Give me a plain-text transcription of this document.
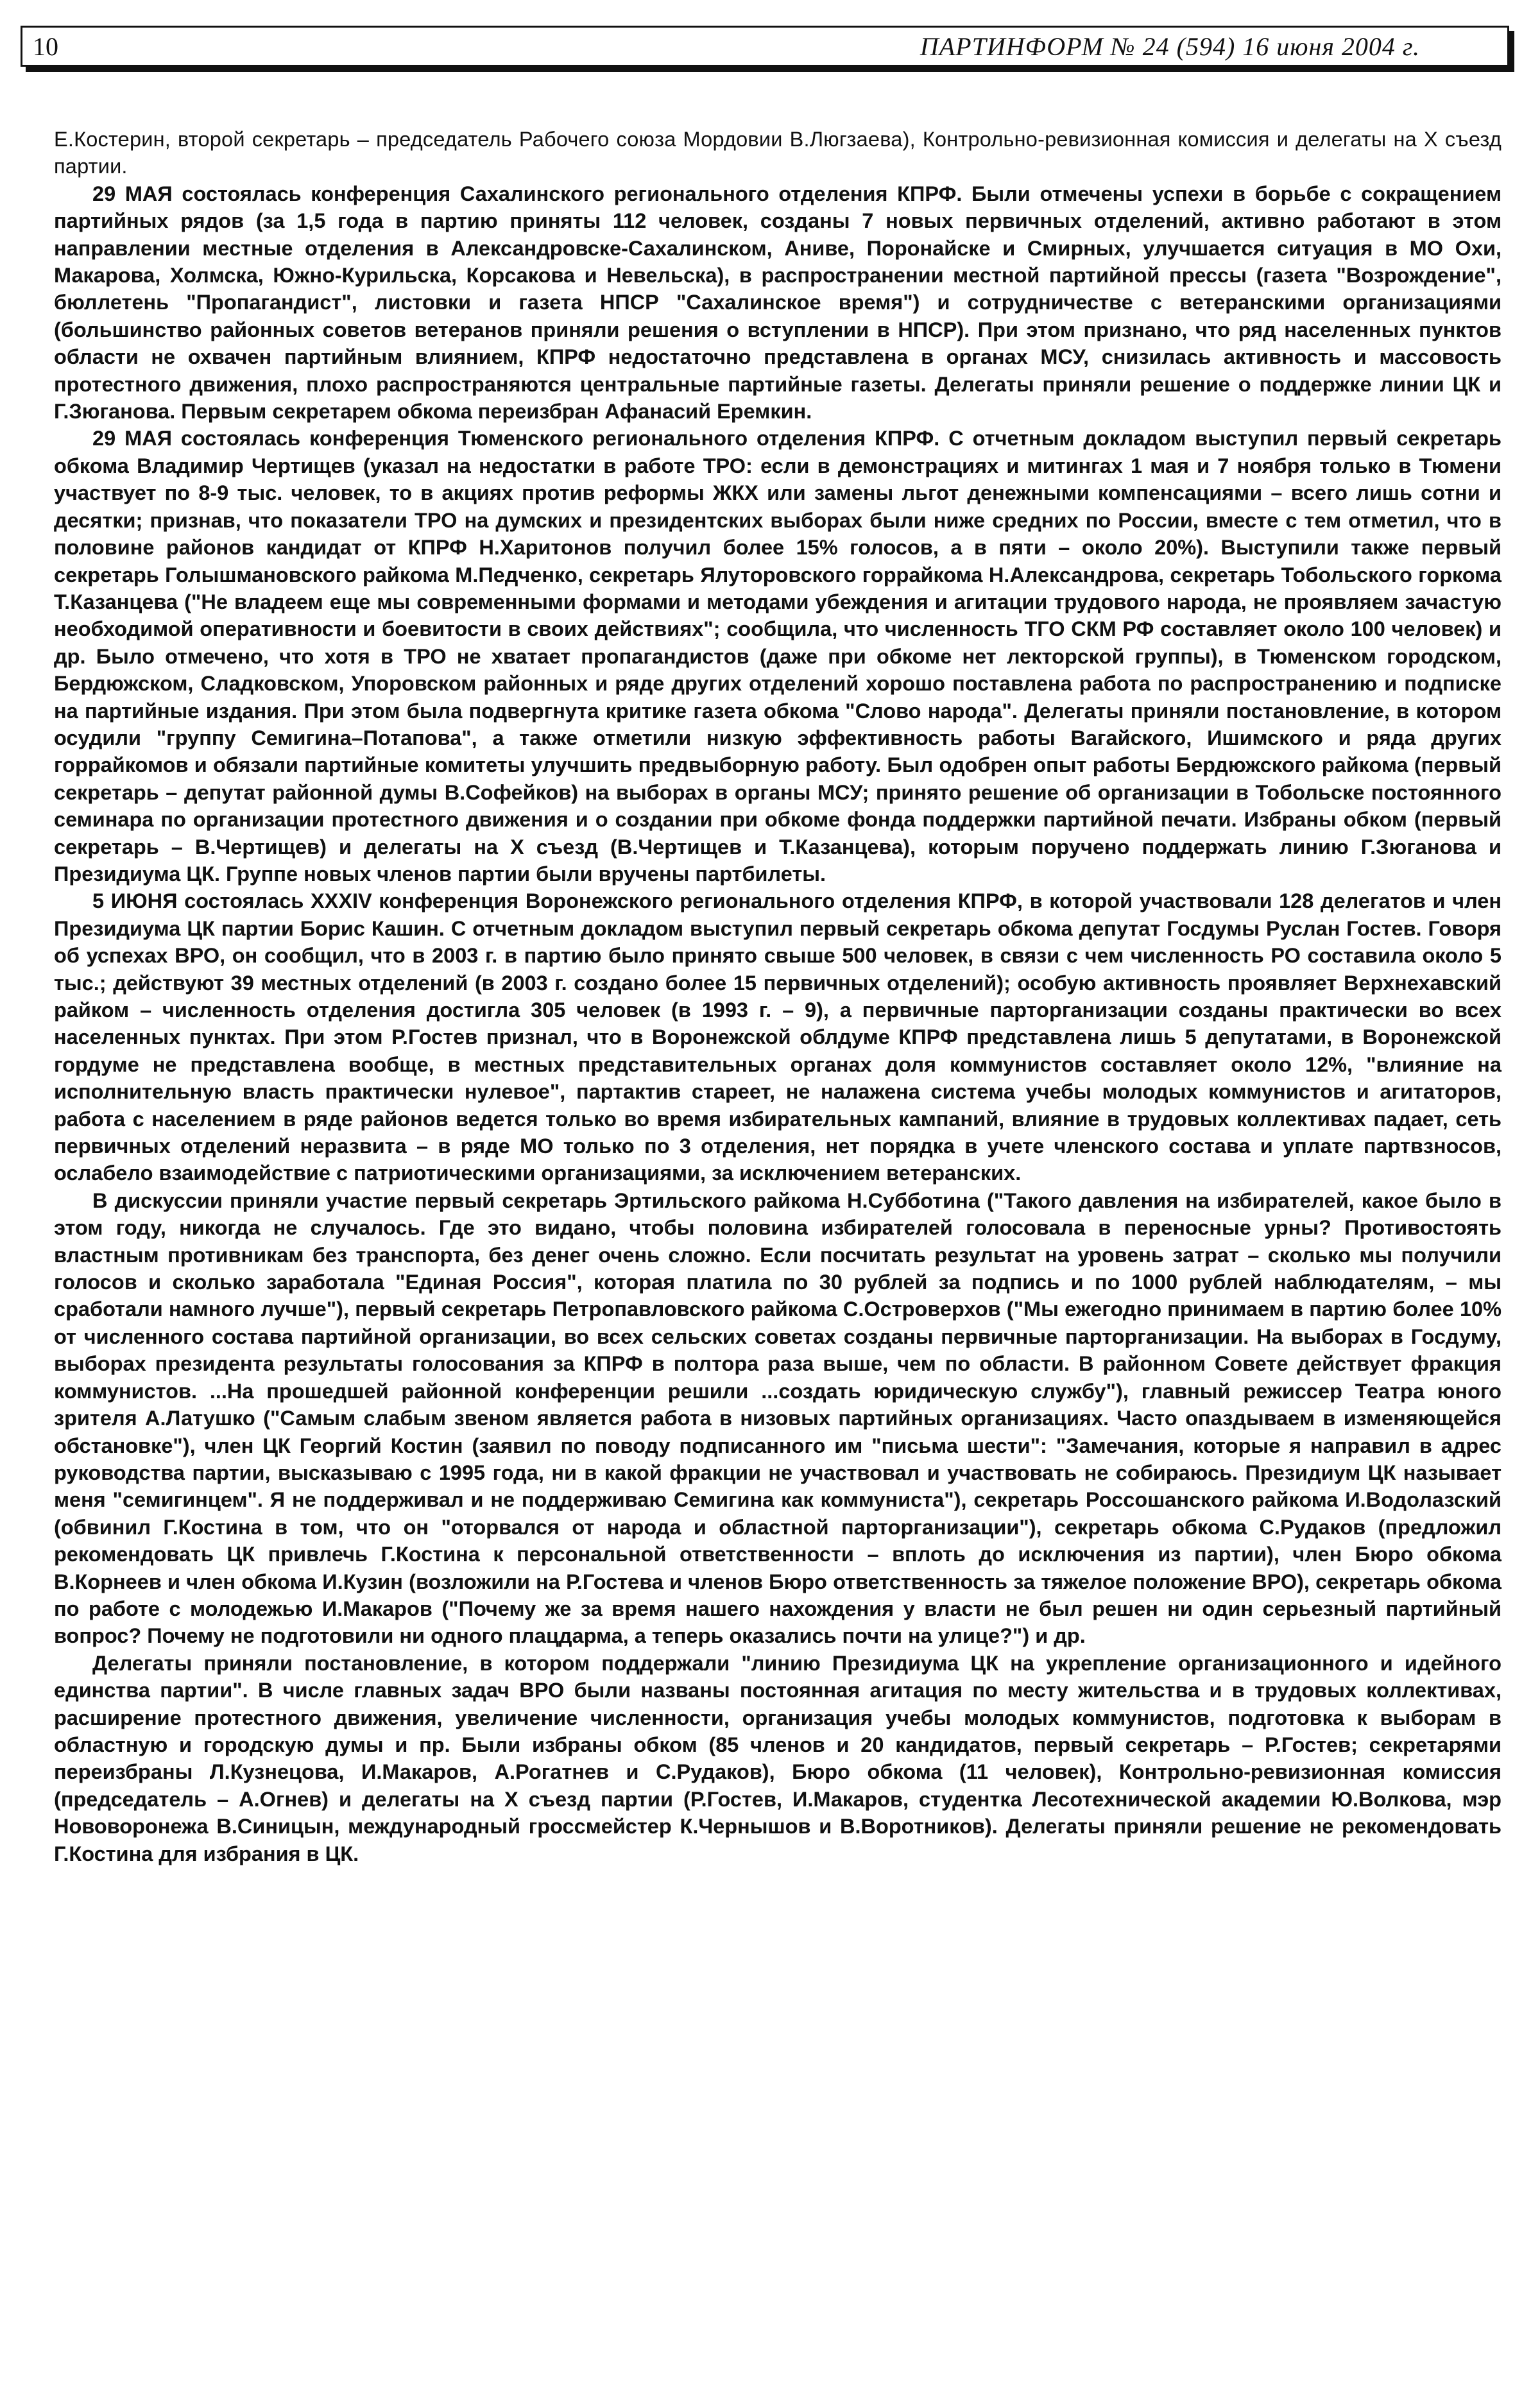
10	ПАРТИНФОРМ № 24 (594) 16 июня 2004 г.

Е.Костерин, второй секретарь – председатель Рабочего союза Мордовии В.Люгзаева), Контрольно-ревизионная комиссия и делегаты на Х съезд партии.

29 МАЯ состоялась конференция Сахалинского регионального отделения КПРФ. Были отмечены успехи в борьбе с сокращением партийных рядов (за 1,5 года в партию приняты 112 человек, созданы 7 новых первичных отделений, активно работают в этом направлении местные отделения в Александровске-Сахалинском, Аниве, Поронайске и Смирных, улучшается ситуация в МО Охи, Макарова, Холмска, Южно-Курильска, Корсакова и Невельска), в распространении местной партийной прессы (газета "Возрождение", бюллетень "Пропагандист", листовки и газета НПСР "Сахалинское время") и сотрудничестве с ветеранскими организациями (большинство районных советов ветеранов приняли решения о вступлении в НПСР). При этом признано, что ряд населенных пунктов области не охвачен партийным влиянием, КПРФ недостаточно представлена в органах МСУ, снизилась активность и массовость протестного движения, плохо распространяются центральные партийные газеты. Делегаты приняли решение о поддержке линии ЦК и Г.Зюганова. Первым секретарем обкома переизбран Афанасий Еремкин.

29 МАЯ состоялась конференция Тюменского регионального отделения КПРФ. С отчетным докладом выступил первый секретарь обкома Владимир Чертищев (указал на недостатки в работе ТРО: если в демонстрациях и митингах 1 мая и 7 ноября только в Тюмени участвует по 8-9 тыс. человек, то в акциях против реформы ЖКХ или замены льгот денежными компенсациями – всего лишь сотни и десятки; признав, что показатели ТРО на думских и президентских выборах были ниже средних по России, вместе с тем отметил, что в половине районов кандидат от КПРФ Н.Харитонов получил более 15% голосов, а в пяти – около 20%). Выступили также первый секретарь Голышмановского райкома М.Педченко, секретарь Ялуторовского горрайкома Н.Александрова, секретарь Тобольского горкома Т.Казанцева ("Не владеем еще мы современными формами и методами убеждения и агитации трудового народа, не проявляем зачастую необходимой оперативности и боевитости в своих действиях"; сообщила, что численность ТГО СКМ РФ составляет около 100 человек) и др. Было отмечено, что хотя в ТРО не хватает пропагандистов (даже при обкоме нет лекторской группы), в Тюменском городском, Бердюжском, Сладковском, Упоровском районных и ряде других отделений хорошо поставлена работа по распространению и подписке на партийные издания. При этом была подвергнута критике газета обкома "Слово народа". Делегаты приняли постановление, в котором осудили "группу Семигина–Потапова", а также отметили низкую эффективность работы Вагайского, Ишимского и ряда других горрайкомов и обязали партийные комитеты улучшить предвыборную работу. Был одобрен опыт работы Бердюжского райкома (первый секретарь – депутат районной думы В.Софейков) на выборах в органы МСУ; принято решение об организации в Тобольске постоянного семинара по организации протестного движения и о создании при обкоме фонда поддержки партийной печати. Избраны обком (первый секретарь – В.Чертищев) и делегаты на Х съезд (В.Чертищев и Т.Казанцева), которым поручено поддержать линию Г.Зюганова и Президиума ЦК. Группе новых членов партии были вручены партбилеты.

5 ИЮНЯ состоялась XXXIV конференция Воронежского регионального отделения КПРФ, в которой участвовали 128 делегатов и член Президиума ЦК партии Борис Кашин. С отчетным докладом выступил первый секретарь обкома депутат Госдумы Руслан Гостев. Говоря об успехах ВРО, он сообщил, что в 2003 г. в партию было принято свыше 500 человек, в связи с чем численность РО составила около 5 тыс.; действуют 39 местных отделений (в 2003 г. создано более 15 первичных отделений); особую активность проявляет Верхнехавский райком – численность отделения достигла 305 человек (в 1993 г. – 9), а первичные парторганизации созданы практически во всех населенных пунктах. При этом Р.Гостев признал, что в Воронежской облдуме КПРФ представлена лишь 5 депутатами, в Воронежской гордуме не представлена вообще, в местных представительных органах доля коммунистов составляет около 12%, "влияние на исполнительную власть практически нулевое", партактив стареет, не налажена система учебы молодых коммунистов и агитаторов, работа с населением в ряде районов ведется только во время избирательных кампаний, влияние в трудовых коллективах падает, сеть первичных отделений неразвита – в ряде МО только по 3 отделения, нет порядка в учете членского состава и уплате партвзносов, ослабело взаимодействие с патриотическими организациями, за исключением ветеранских.

В дискуссии приняли участие первый секретарь Эртильского райкома Н.Субботина ("Такого давления на избирателей, какое было в этом году, никогда не случалось. Где это видано, чтобы половина избирателей голосовала в переносные урны? Противостоять властным противникам без транспорта, без денег очень сложно. Если посчитать результат на уровень затрат – сколько мы получили голосов и сколько заработала "Единая Россия", которая платила по 30 рублей за подпись и по 1000 рублей наблюдателям, – мы сработали намного лучше"), первый секретарь Петропавловского райкома С.Островерхов ("Мы ежегодно принимаем в партию более 10% от численного состава партийной организации, во всех сельских советах созданы первичные парторганизации. На выборах в Госдуму, выборах президента результаты голосования за КПРФ в полтора раза выше, чем по области. В районном Совете действует фракция коммунистов. ...На прошедшей районной конференции решили ...создать юридическую службу"), главный режиссер Театра юного зрителя А.Латушко ("Самым слабым звеном является работа в низовых партийных организациях. Часто опаздываем в изменяющейся обстановке"), член ЦК Георгий Костин (заявил по поводу подписанного им "письма шести": "Замечания, которые я направил в адрес руководства партии, высказываю с 1995 года, ни в какой фракции не участвовал и участвовать не собираюсь. Президиум ЦК называет меня "семигинцем". Я не поддерживал и не поддерживаю Семигина как коммуниста"), секретарь Россошанского райкома И.Водолазский (обвинил Г.Костина в том, что он "оторвался от народа и областной парторганизации"), секретарь обкома С.Рудаков (предложил рекомендовать ЦК привлечь Г.Костина к персональной ответственности – вплоть до исключения из партии), член Бюро обкома В.Корнеев и член обкома И.Кузин (возложили на Р.Гостева и членов Бюро ответственность за тяжелое положение ВРО), секретарь обкома по работе с молодежью И.Макаров ("Почему же за время нашего нахождения у власти не был решен ни один серьезный партийный вопрос? Почему не подготовили ни одного плацдарма, а теперь оказались почти на улице?") и др.

Делегаты приняли постановление, в котором поддержали "линию Президиума ЦК на укрепление организационного и идейного единства партии". В числе главных задач ВРО были названы постоянная агитация по месту жительства и в трудовых коллективах, расширение протестного движения, увеличение численности, организация учебы молодых коммунистов, подготовка к выборам в областную и городскую думы и пр. Были избраны обком (85 членов и 20 кандидатов, первый секретарь – Р.Гостев; секретарями переизбраны Л.Кузнецова, И.Макаров, А.Рогатнев и С.Рудаков), Бюро обкома (11 человек), Контрольно-ревизионная комиссия (председатель – А.Огнев) и делегаты на Х съезд партии (Р.Гостев, И.Макаров, студентка Лесотехнической академии Ю.Волкова, мэр Нововоронежа В.Синицын, международный гроссмейстер К.Чернышов и В.Воротников). Делегаты приняли решение не рекомендовать Г.Костина для избрания в ЦК.
